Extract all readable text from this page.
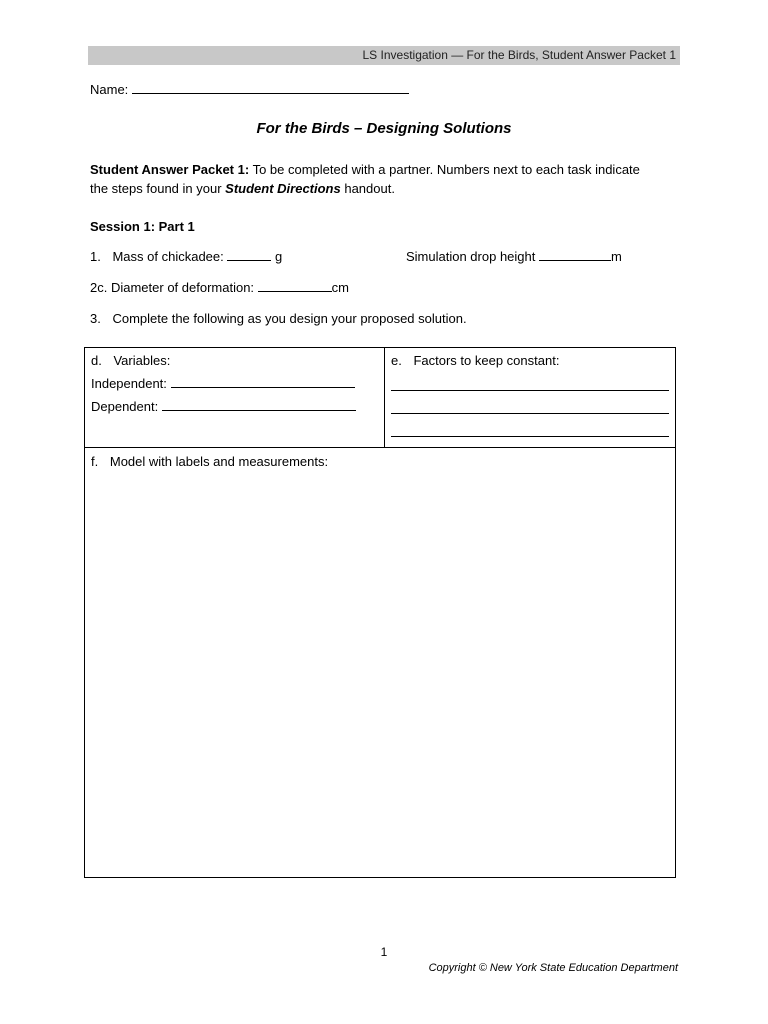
LS Investigation — For the Birds, Student Answer Packet 1
Name:
For the Birds – Designing Solutions
Student Answer Packet 1: To be completed with a partner. Numbers next to each task indicate
the steps found in your Student Directions handout.
Session 1: Part 1
1. Mass of chickadee:	g	Simulation drop height	m
2c. Diameter of deformation:	cm
3. Complete the following as you design your proposed solution.
d. Variables:
Independent:
Dependent:
e. Factors to keep constant:
f. Model with labels and measurements:
1
Copyright © New York State Education Department
